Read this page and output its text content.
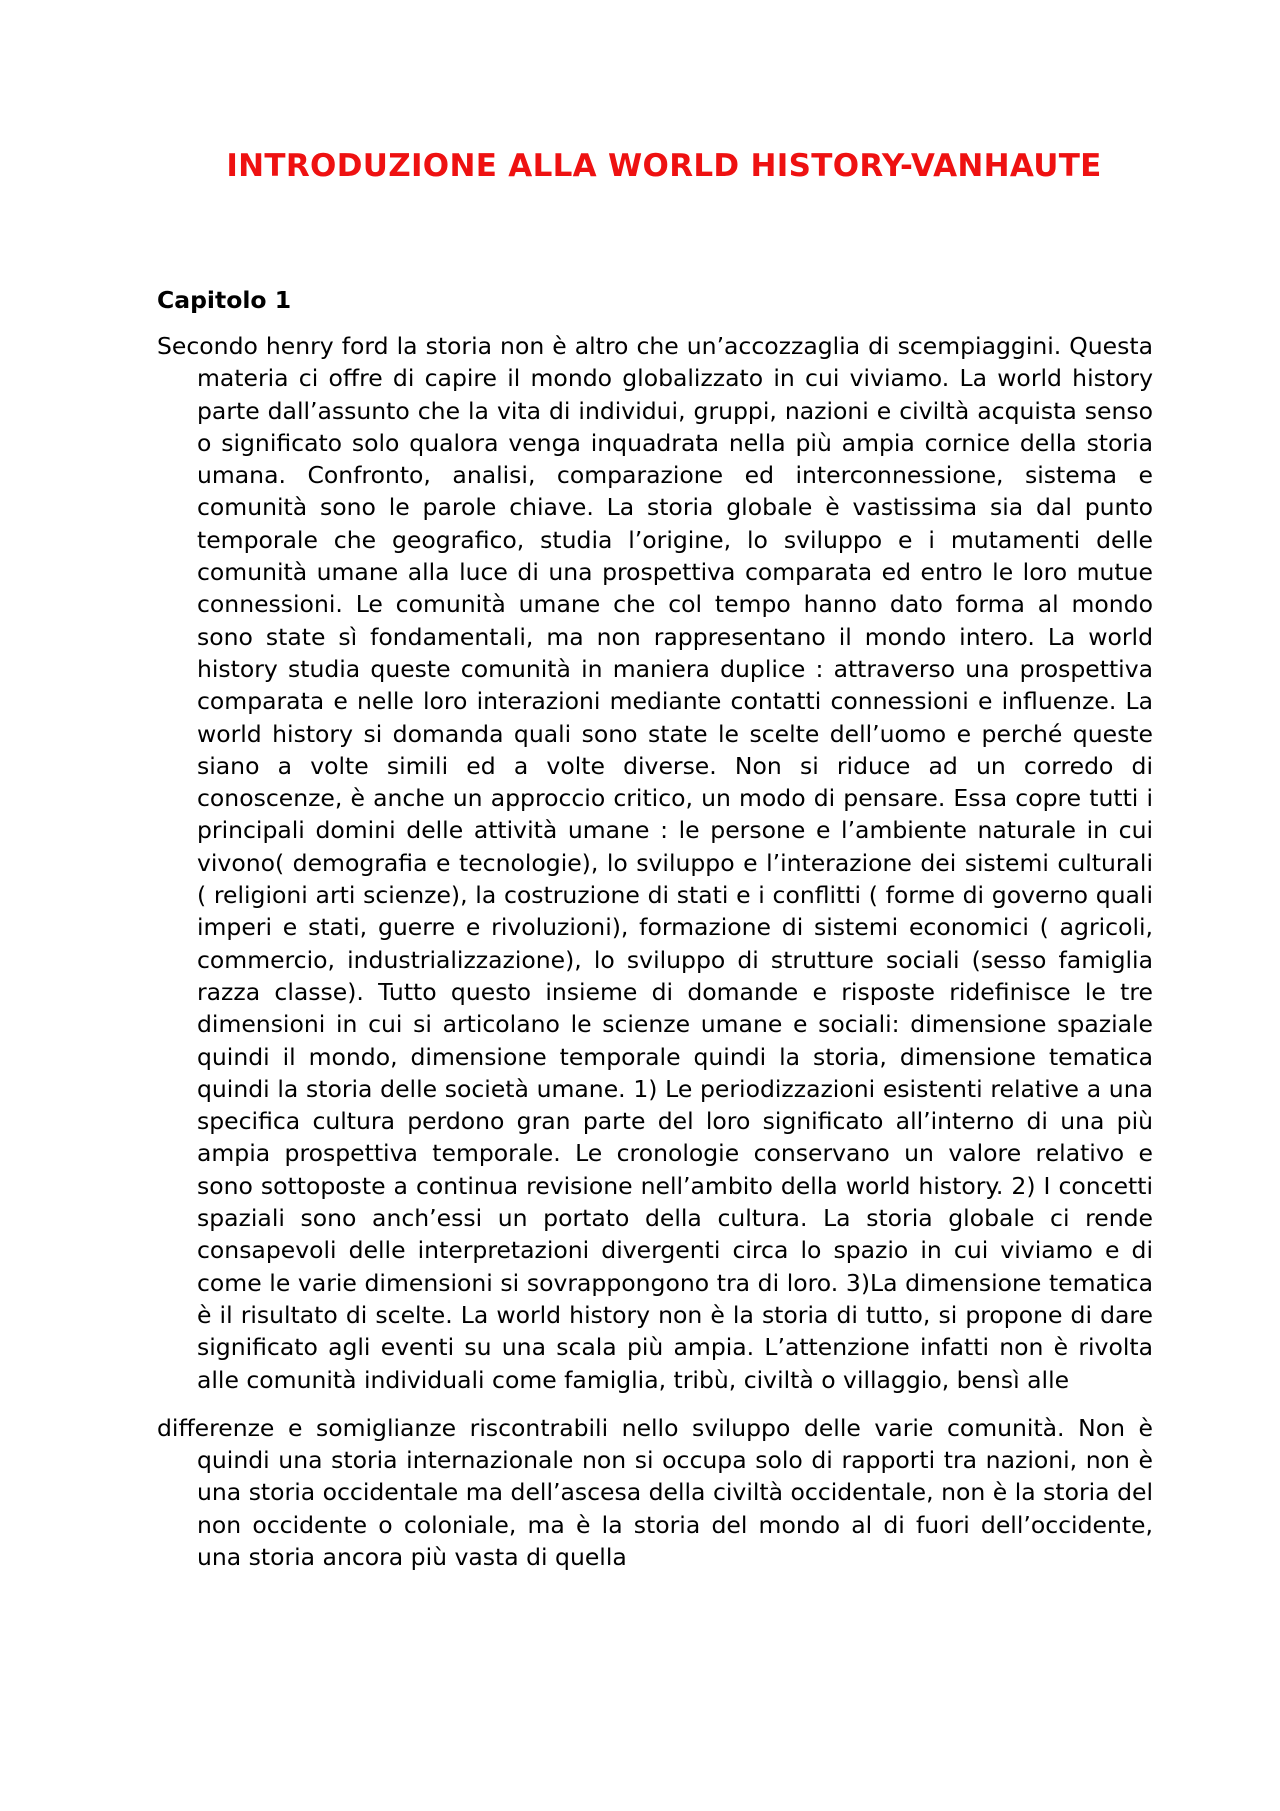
INTRODUZIONE ALLA WORLD HISTORY-VANHAUTE
Capitolo 1

Secondo henry ford la storia non è altro che un’accozzaglia di scempiaggini. Questa materia ci offre di capire il mondo globalizzato in cui viviamo. La world history parte dall’assunto che la vita di individui, gruppi, nazioni e civiltà acquista senso o significato solo qualora venga inquadrata nella più ampia cornice della storia umana. Confronto, analisi, comparazione ed interconnessione, sistema e comunità sono le parole chiave. La storia globale è vastissima sia dal punto temporale che geografico, studia l’origine, lo sviluppo e i mutamenti delle comunità umane alla luce di una prospettiva comparata ed entro le loro mutue connessioni. Le comunità umane che col tempo hanno dato forma al mondo sono state sì fondamentali, ma non rappresentano il mondo intero. La world history studia queste comunità in maniera duplice : attraverso una prospettiva comparata e nelle loro interazioni mediante contatti connessioni e influenze. La world history si domanda quali sono state le scelte dell’uomo e perché queste siano a volte simili ed a volte diverse. Non si riduce ad un corredo di conoscenze, è anche un approccio critico, un modo di pensare. Essa copre tutti i principali domini delle attività umane : le persone e l’ambiente naturale in cui vivono( demografia e tecnologie), lo sviluppo e l’interazione dei sistemi culturali ( religioni arti scienze), la costruzione di stati e i conflitti ( forme di governo quali imperi e stati, guerre e rivoluzioni), formazione di sistemi economici ( agricoli, commercio, industrializzazione), lo sviluppo di strutture sociali (sesso famiglia razza classe). Tutto questo insieme di domande e risposte ridefinisce le tre dimensioni in cui si articolano le scienze umane e sociali: dimensione spaziale quindi il mondo, dimensione temporale quindi la storia, dimensione tematica quindi la storia delle società umane. 1) Le periodizzazioni esistenti relative a una specifica cultura perdono gran parte del loro significato all’interno di una più ampia prospettiva temporale. Le cronologie conservano un valore relativo e sono sottoposte a continua revisione nell’ambito della world history. 2) I concetti spaziali sono anch’essi un portato della cultura. La storia globale ci rende consapevoli delle interpretazioni divergenti circa lo spazio in cui viviamo e di come le varie dimensioni si sovrappongono tra di loro. 3)La dimensione tematica è il risultato di scelte. La world history non è la storia di tutto, si propone di dare significato agli eventi su una scala più ampia. L’attenzione infatti non è rivolta alle comunità individuali come famiglia, tribù, civiltà o villaggio, bensì alle

differenze e somiglianze riscontrabili nello sviluppo delle varie comunità. Non è quindi una storia internazionale non si occupa solo di rapporti tra nazioni, non è una storia occidentale ma dell’ascesa della civiltà occidentale, non è la storia del non occidente o coloniale, ma è la storia del mondo al di fuori dell’occidente, una storia ancora più vasta di quella
